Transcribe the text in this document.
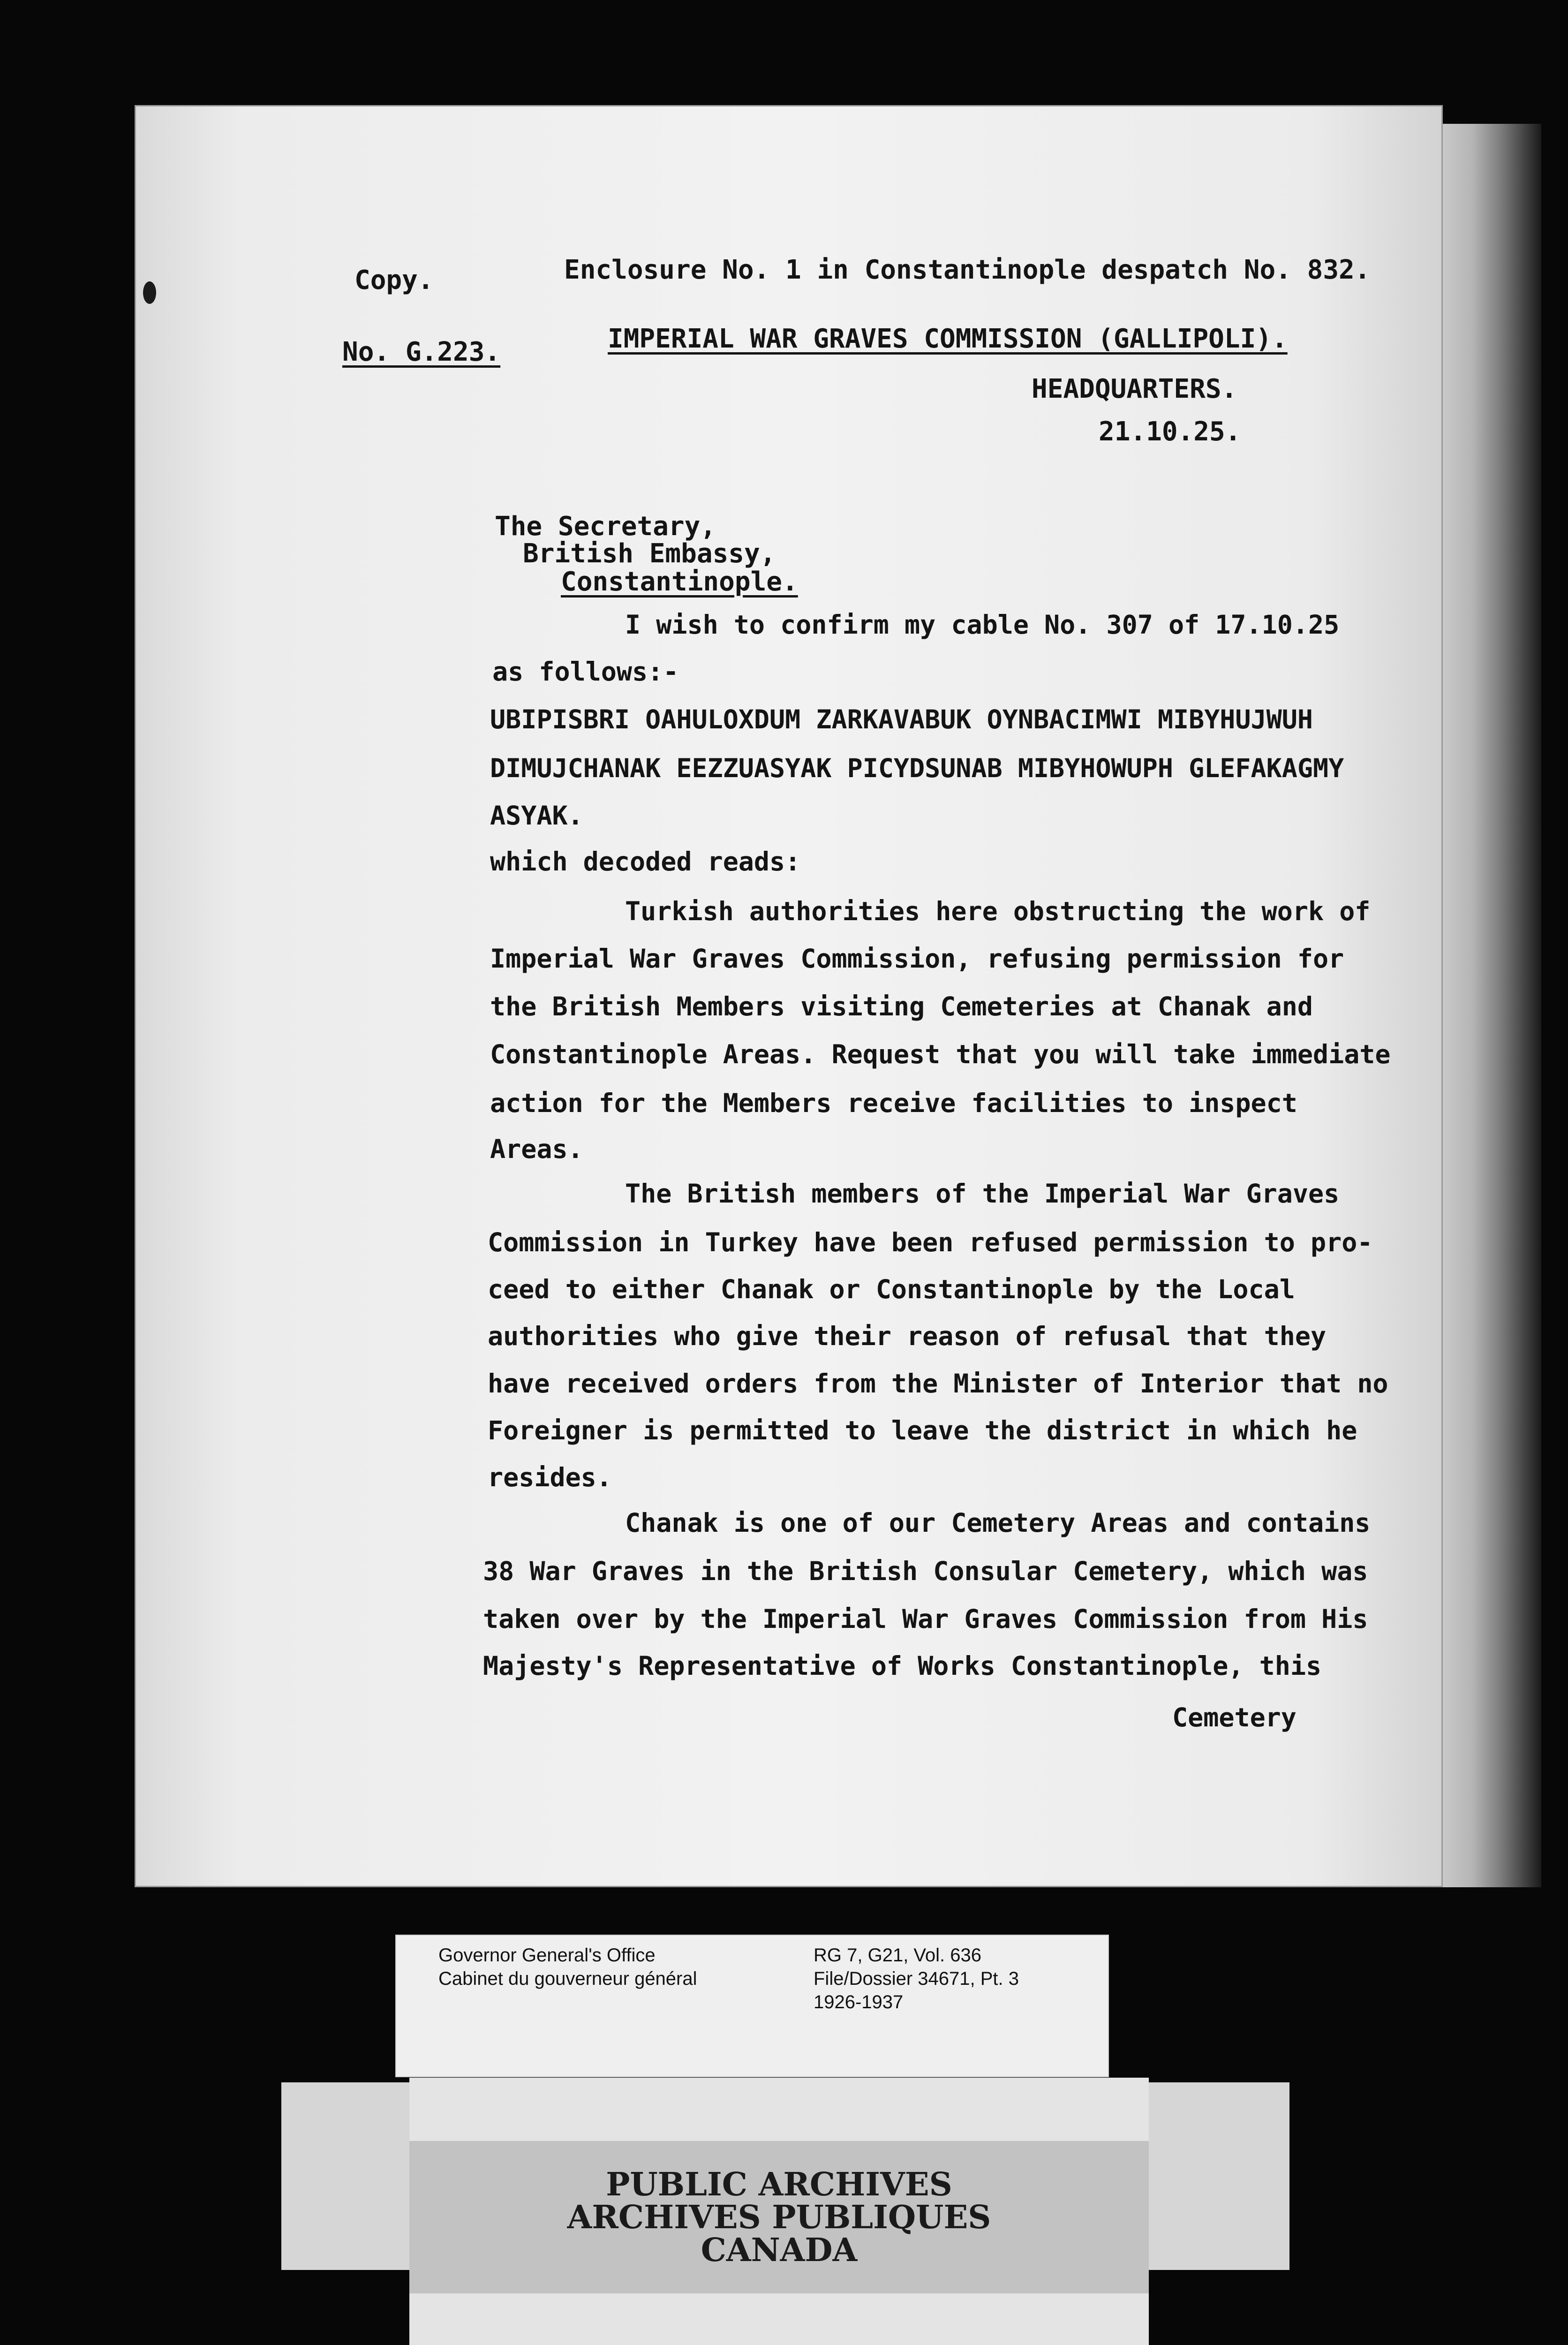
Copy.	Enclosure No. 1 in Constantinople despatch No. 832.
No. G.223.	IMPERIAL WAR GRAVES COMMISSION (GALLIPOLI).
HEADQUARTERS.
21.10.25.
The Secretary,
British Embassy,
Constantinople.
I wish to confirm my cable No. 307 of 17.10.25
as follows:-
UBIPISBRI OAHULOXDUM ZARKAVABUK OYNBACIMWI MIBYHUJWUH
DIMUJCHANAK EEZZUASYAK PICYDSUNAB MIBYHOWUPH GLEFAKAGMY
ASYAK.
which decoded reads:
Turkish authorities here obstructing the work of
Imperial War Graves Commission, refusing permission for
the British Members visiting Cemeteries at Chanak and
Constantinople Areas. Request that you will take immediate
action for the Members receive facilities to inspect
Areas.
The British members of the Imperial War Graves
Commission in Turkey have been refused permission to pro-
ceed to either Chanak or Constantinople by the Local
authorities who give their reason of refusal that they
have received orders from the Minister of Interior that no
Foreigner is permitted to leave the district in which he
resides.
Chanak is one of our Cemetery Areas and contains
38 War Graves in the British Consular Cemetery, which was
taken over by the Imperial War Graves Commission from His
Majesty's Representative of Works Constantinople, this
Cemetery
Governor General's Office
Cabinet du gouverneur général
RG 7, G21, Vol. 636
File/Dossier 34671, Pt. 3
1926-1937
PUBLIC ARCHIVES
ARCHIVES PUBLIQUES
CANADA
